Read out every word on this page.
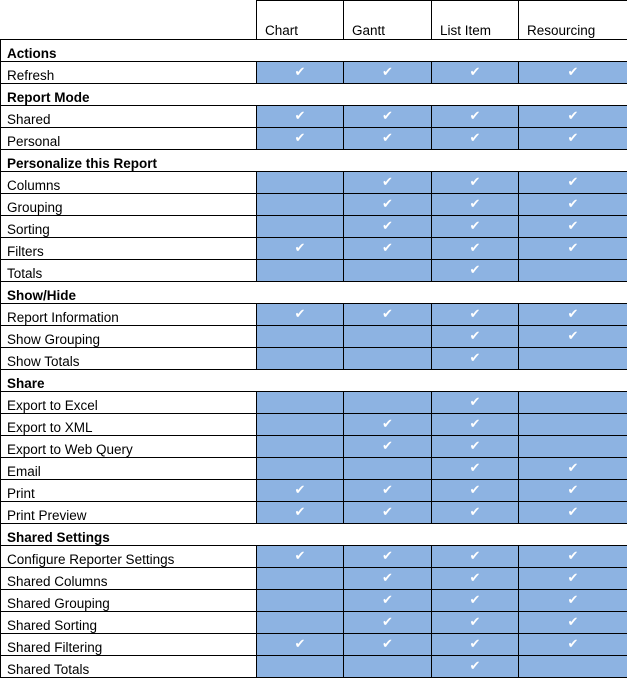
	Chart	Gantt	List Item	Resourcing
Actions				
Refresh	✔	✔	✔	✔
Report Mode				
Shared	✔	✔	✔	✔
Personal	✔	✔	✔	✔
Personalize this Report				
Columns		✔	✔	✔
Grouping		✔	✔	✔
Sorting		✔	✔	✔
Filters	✔	✔	✔	✔
Totals			✔	
Show/Hide				
Report Information	✔	✔	✔	✔
Show Grouping			✔	✔
Show Totals			✔	
Share				
Export to Excel			✔	
Export to XML		✔	✔	
Export to Web Query		✔	✔	
Email			✔	✔
Print	✔	✔	✔	✔
Print Preview	✔	✔	✔	✔
Shared Settings				
Configure Reporter Settings	✔	✔	✔	✔
Shared Columns		✔	✔	✔
Shared Grouping		✔	✔	✔
Shared Sorting		✔	✔	✔
Shared Filtering	✔	✔	✔	✔
Shared Totals			✔	
